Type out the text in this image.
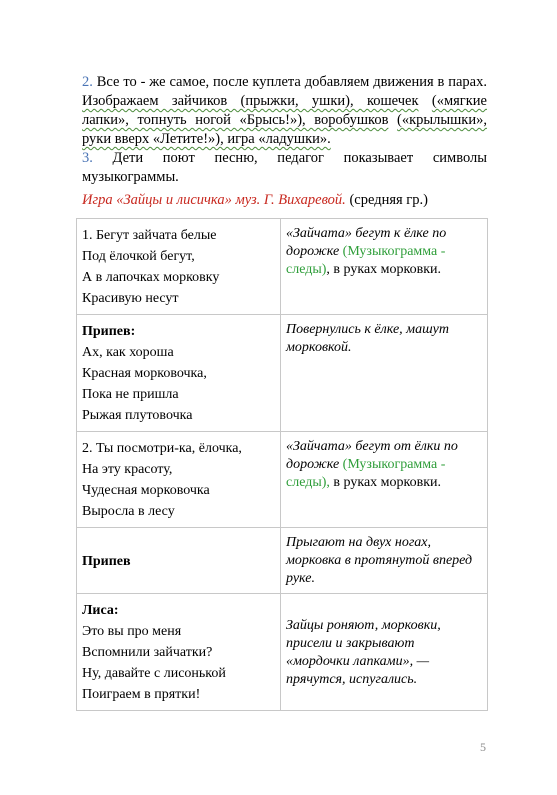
2. Все то - же самое, после куплета добавляем движения в парах. Изображаем зайчиков (прыжки, ушки), кошечек («мягкие лапки», топнуть ногой «Брысь!»), воробушков («крылышки», руки вверх «Летите!»), игра «ладушки».
3. Дети поют песню, педагог показывает символы музыкограммы.
Игра «Зайцы и лисичка» муз. Г. Вихаревой. (средняя гр.)
1. Бегут зайчата белые
Под ёлочкой бегут,
А в лапочках морковку
Красивую несут	«Зайчата» бегут к ёлке по дорожке (Музыкограмма - следы), в руках морковки.

Припев:
Ах, как хороша
Красная морковочка,
Пока не пришла
Рыжая плутовочка	Повернулись к ёлке, машут морковкой.

2. Ты посмотри-ка, ёлочка,
На эту красоту,
Чудесная морковочка
Выросла в лесу	«Зайчата» бегут от ёлки по дорожке (Музыкограмма - следы), в руках морковки.

Припев	Прыгают на двух ногах, морковка в протянутой вперед руке.

Лиса:
Это вы про меня
Вспомнили зайчатки?
Ну, давайте с лисонькой
Поиграем в прятки!	Зайцы роняют, морковки, присели и закрывают «мордочки лапками», — прячутся, испугались.
5
